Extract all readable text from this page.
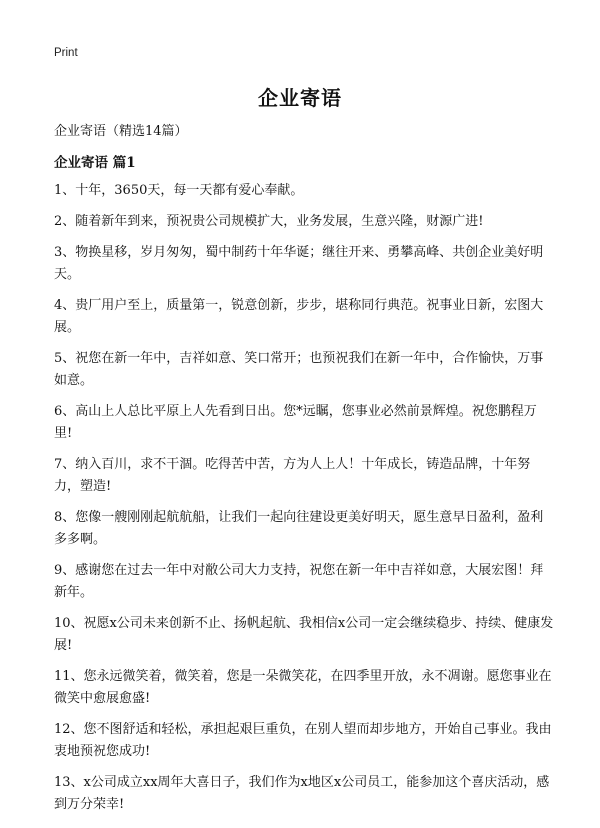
Print
企业寄语

企业寄语（精选14篇）

企业寄语 篇1

1、十年，3650天，每一天都有爱心奉献。

2、随着新年到来，预祝贵公司规模扩大，业务发展，生意兴隆，财源广进!

3、物换星移，岁月匆匆，蜀中制药十年华诞；继往开来、勇攀高峰、共创企业美好明天。

4、贵厂用户至上，质量第一，锐意创新，步步，堪称同行典范。祝事业日新，宏图大展。

5、祝您在新一年中，吉祥如意、笑口常开；也预祝我们在新一年中，合作愉快，万事如意。

6、高山上人总比平原上人先看到日出。您*远瞩，您事业必然前景辉煌。祝您鹏程万里!

7、纳入百川，求不干涸。吃得苦中苦，方为人上人！十年成长，铸造品牌，十年努力，塑造!

8、您像一艘刚刚起航航船，让我们一起向往建设更美好明天，愿生意早日盈利，盈利多多啊。

9、感谢您在过去一年中对敝公司大力支持，祝您在新一年中吉祥如意，大展宏图！拜新年。

10、祝愿x公司未来创新不止、扬帆起航、我相信x公司一定会继续稳步、持续、健康发展!

11、您永远微笑着，微笑着，您是一朵微笑花，在四季里开放，永不凋谢。愿您事业在微笑中愈展愈盛!

12、您不图舒适和轻松，承担起艰巨重负，在别人望而却步地方，开始自己事业。我由衷地预祝您成功!

13、x公司成立xx周年大喜日子，我们作为x地区x公司员工，能参加这个喜庆活动，感到万分荣幸!
